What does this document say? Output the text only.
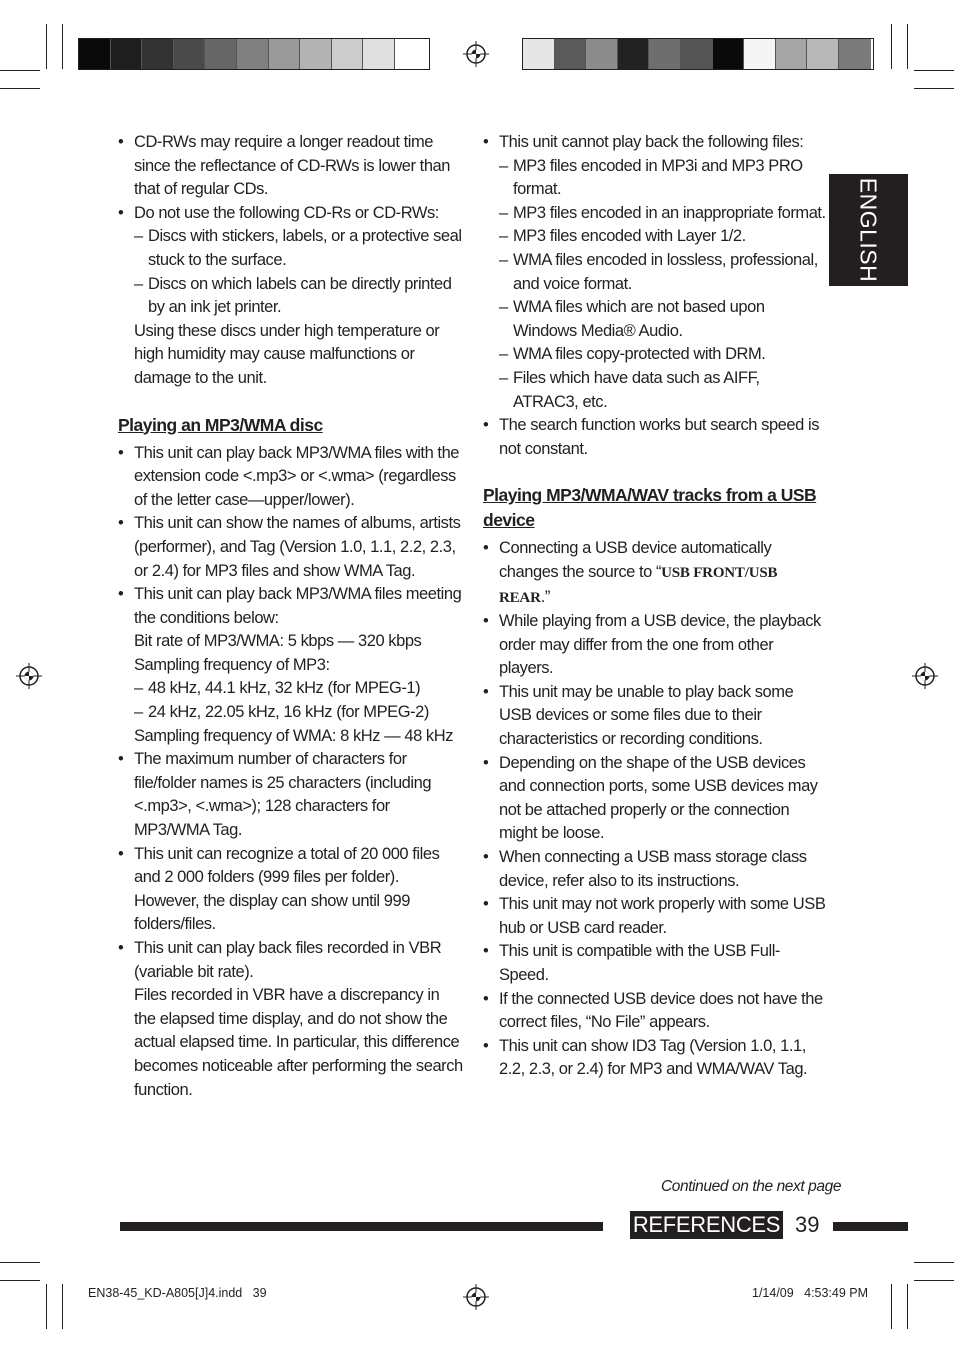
• CD-RWs may require a longer readout time since the reflectance of CD-RWs is lower than that of regular CDs.
• Do not use the following CD-Rs or CD-RWs:
– Discs with stickers, labels, or a protective seal stuck to the surface.
– Discs on which labels can be directly printed by an ink jet printer.
Using these discs under high temperature or high humidity may cause malfunctions or damage to the unit.
Playing an MP3/WMA disc
• This unit can play back MP3/WMA files with the extension code <.mp3> or <.wma> (regardless of the letter case—upper/lower).
• This unit can show the names of albums, artists (performer), and Tag (Version 1.0, 1.1, 2.2, 2.3, or 2.4) for MP3 files and show WMA Tag.
• This unit can play back MP3/WMA files meeting the conditions below:
Bit rate of MP3/WMA: 5 kbps — 320 kbps
Sampling frequency of MP3:
– 48 kHz, 44.1 kHz, 32 kHz (for MPEG-1)
– 24 kHz, 22.05 kHz, 16 kHz (for MPEG-2)
Sampling frequency of WMA: 8 kHz — 48 kHz
• The maximum number of characters for file/folder names is 25 characters (including <.mp3>, <.wma>); 128 characters for MP3/WMA Tag.
• This unit can recognize a total of 20 000 files and 2 000 folders (999 files per folder). However, the display can show until 999 folders/files.
• This unit can play back files recorded in VBR (variable bit rate).
Files recorded in VBR have a discrepancy in the elapsed time display, and do not show the actual elapsed time. In particular, this difference becomes noticeable after performing the search function.
• This unit cannot play back the following files:
– MP3 files encoded in MP3i and MP3 PRO format.
– MP3 files encoded in an inappropriate format.
– MP3 files encoded with Layer 1/2.
– WMA files encoded in lossless, professional, and voice format.
– WMA files which are not based upon Windows Media® Audio.
– WMA files copy-protected with DRM.
– Files which have data such as AIFF, ATRAC3, etc.
• The search function works but search speed is not constant.
Playing MP3/WMA/WAV tracks from a USB device
• Connecting a USB device automatically changes the source to “USB FRONT/USB REAR.”
• While playing from a USB device, the playback order may differ from the one from other players.
• This unit may be unable to play back some USB devices or some files due to their characteristics or recording conditions.
• Depending on the shape of the USB devices and connection ports, some USB devices may not be attached properly or the connection might be loose.
• When connecting a USB mass storage class device, refer also to its instructions.
• This unit may not work properly with some USB hub or USB card reader.
• This unit is compatible with the USB Full-Speed.
• If the connected USB device does not have the correct files, “No File” appears.
• This unit can show ID3 Tag (Version 1.0, 1.1, 2.2, 2.3, or 2.4) for MP3 and WMA/WAV Tag.
ENGLISH
Continued on the next page
REFERENCES 39
EN38-45_KD-A805[J]4.indd   39	1/14/09   4:53:49 PM
